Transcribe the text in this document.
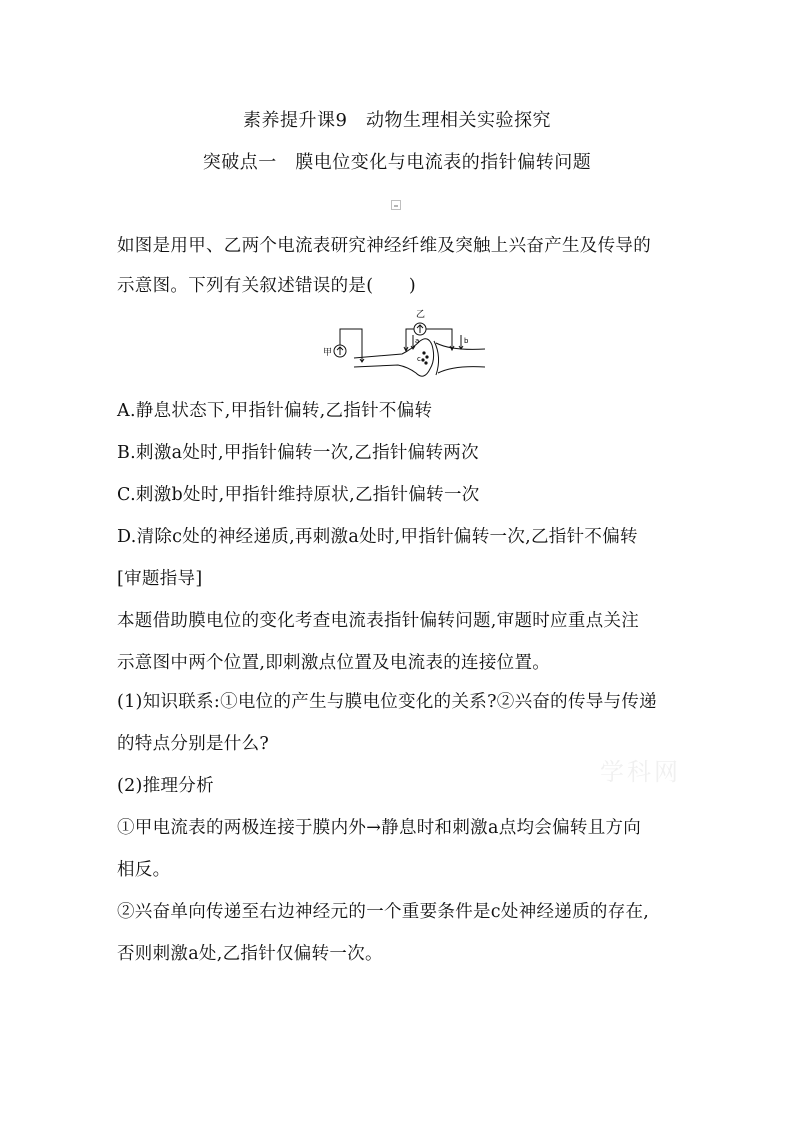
素养提升课9　动物生理相关实验探究
突破点一　膜电位变化与电流表的指针偏转问题
如图是用甲、乙两个电流表研究神经纤维及突触上兴奋产生及传导的
示意图。下列有关叙述错误的是(　　)
甲
c
乙
a	b
A.静息状态下,甲指针偏转,乙指针不偏转
B.刺激a处时,甲指针偏转一次,乙指针偏转两次
C.刺激b处时,甲指针维持原状,乙指针偏转一次
D.清除c处的神经递质,再刺激a处时,甲指针偏转一次,乙指针不偏转
[审题指导]
本题借助膜电位的变化考查电流表指针偏转问题,审题时应重点关注
示意图中两个位置,即刺激点位置及电流表的连接位置。
(1)知识联系:①电位的产生与膜电位变化的关系?②兴奋的传导与传递
的特点分别是什么?
(2)推理分析
①甲电流表的两极连接于膜内外→静息时和刺激a点均会偏转且方向
相反。
②兴奋单向传递至右边神经元的一个重要条件是c处神经递质的存在,
否则刺激a处,乙指针仅偏转一次。
学科网
